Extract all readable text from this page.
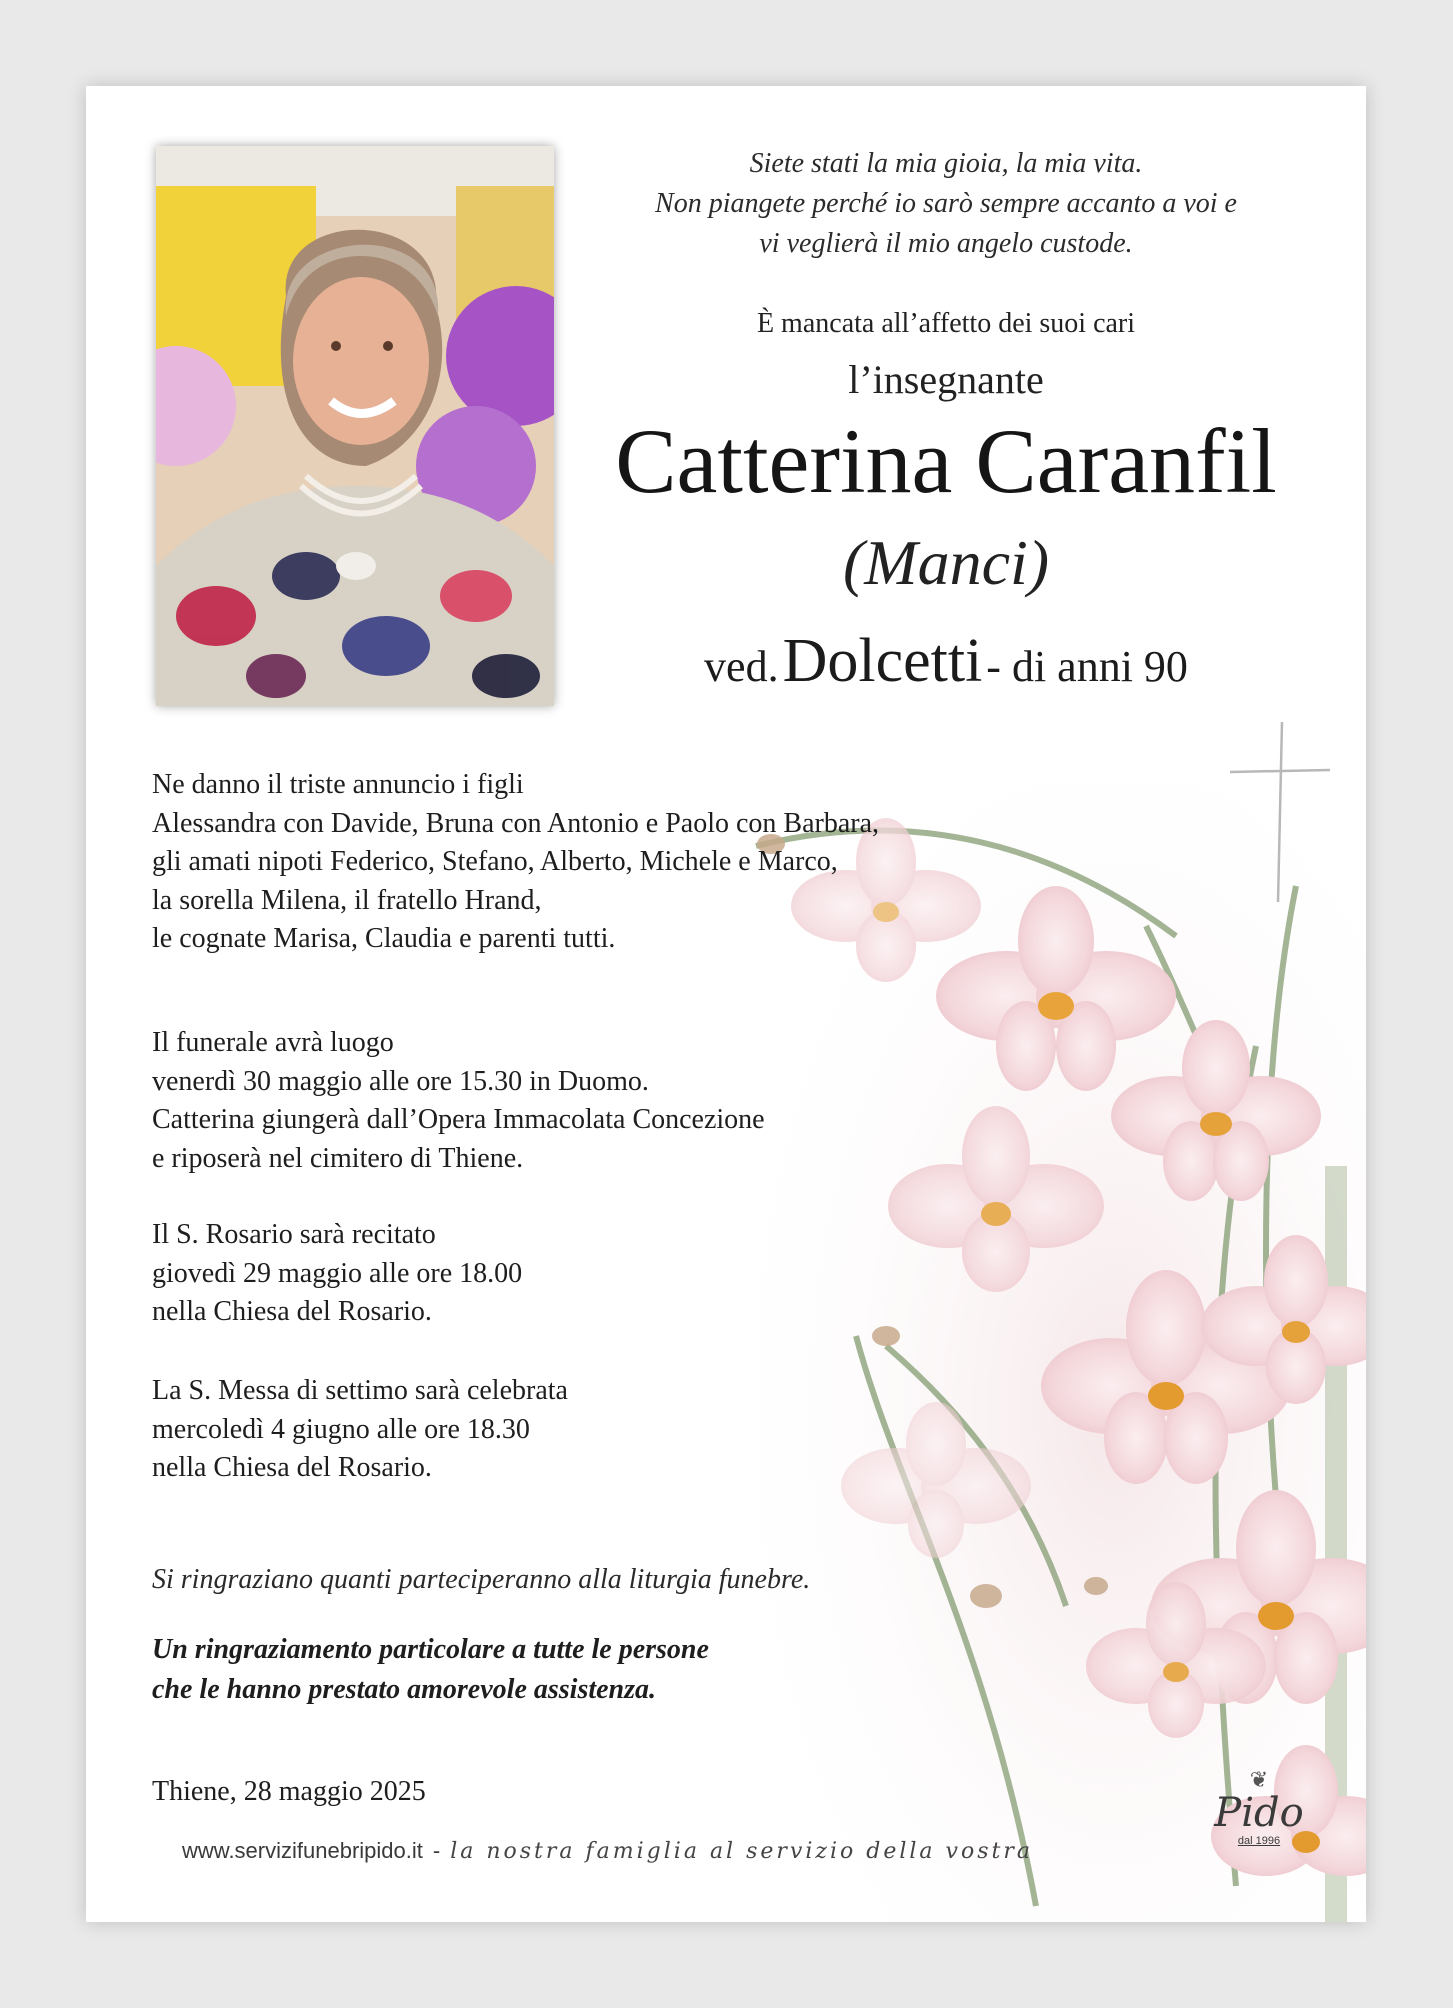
Siete stati la mia gioia, la mia vita.
Non piangete perché io sarò sempre accanto a voi e
vi veglierà il mio angelo custode.
È mancata all’affetto dei suoi cari
l’insegnante
Catterina Caranfil
(Manci)
ved. Dolcetti - di anni 90
Ne danno il triste annuncio i figli
Alessandra con Davide, Bruna con Antonio e Paolo con Barbara,
gli amati nipoti Federico, Stefano, Alberto, Michele e Marco,
la sorella Milena, il fratello Hrand,
le cognate Marisa, Claudia e parenti tutti.
Il funerale avrà luogo
venerdì 30 maggio alle ore 15.30 in Duomo.
Catterina giungerà dall’Opera Immacolata Concezione
e riposerà nel cimitero di Thiene.
Il S. Rosario sarà recitato
giovedì 29 maggio alle ore 18.00
nella Chiesa del Rosario.
La S. Messa di settimo sarà celebrata
mercoledì 4 giugno alle ore 18.30
nella Chiesa del Rosario.
Si ringraziano quanti parteciperanno alla liturgia funebre.
Un ringraziamento particolare a tutte le persone
che le hanno prestato amorevole assistenza.
Thiene, 28 maggio 2025
www.servizifunebripido.it - la nostra famiglia al servizio della vostra
❦
Pido
dal 1996
